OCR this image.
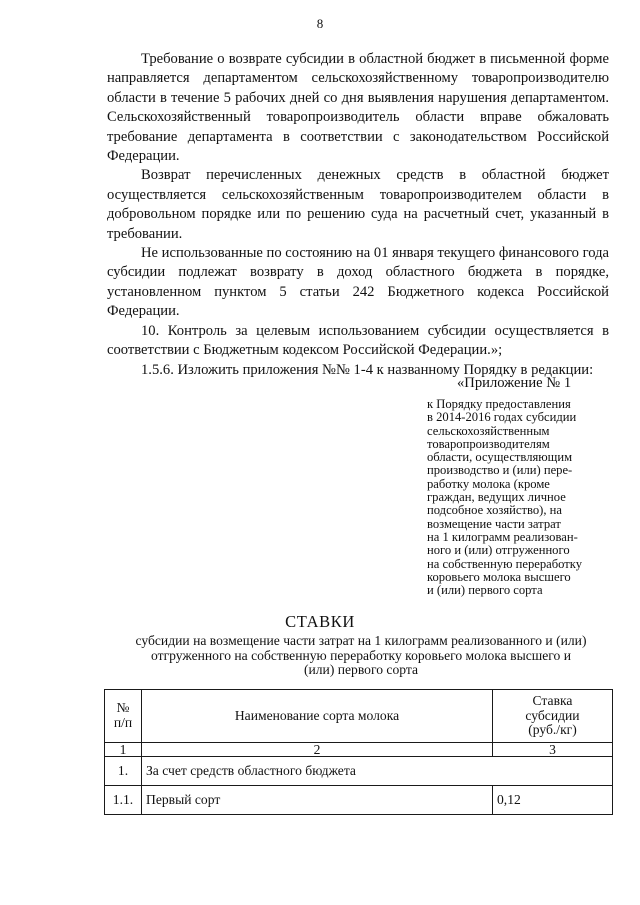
8

Требование о возврате субсидии в областной бюджет в письменной форме направляется департаментом сельскохозяйственному товаропроизводителю области в течение 5 рабочих дней со дня выявления нарушения департаментом. Сельскохозяйственный товаропроизводитель области вправе обжаловать требование департамента в соответствии с законодательством Российской Федерации.

Возврат перечисленных денежных средств в областной бюджет осуществляется сельскохозяйственным товаропроизводителем области в добровольном порядке или по решению суда на расчетный счет, указанный в требовании.

Не использованные по состоянию на 01 января текущего финансового года субсидии подлежат возврату в доход областного бюджета в порядке, установленном пунктом 5 статьи 242 Бюджетного кодекса Российской Федерации.

10. Контроль за целевым использованием субсидии осуществляется в соответствии с Бюджетным кодексом Российской Федерации.»;

1.5.6. Изложить приложения №№ 1-4 к названному Порядку в редакции:

«Приложение № 1
к Порядку предоставления
в 2014-2016 годах субсидии
сельскохозяйственным
товаропроизводителям
области, осуществляющим
производство и (или) пере-
работку молока (кроме
граждан, ведущих личное
подсобное хозяйство), на
возмещение части затрат
на 1 килограмм реализован-
ного и (или) отгруженного
на собственную переработку
коровьего молока высшего
и (или) первого сорта
СТАВКИ
субсидии на возмещение части затрат на 1 килограмм реализованного и (или)
отгруженного на собственную переработку коровьего молока высшего и
(или) первого сорта
№
п/п	Наименование сорта молока	Ставка
субсидии
(руб./кг)
1	2	3
1.	За счет средств областного бюджета	
1.1.	Первый сорт	0,12
